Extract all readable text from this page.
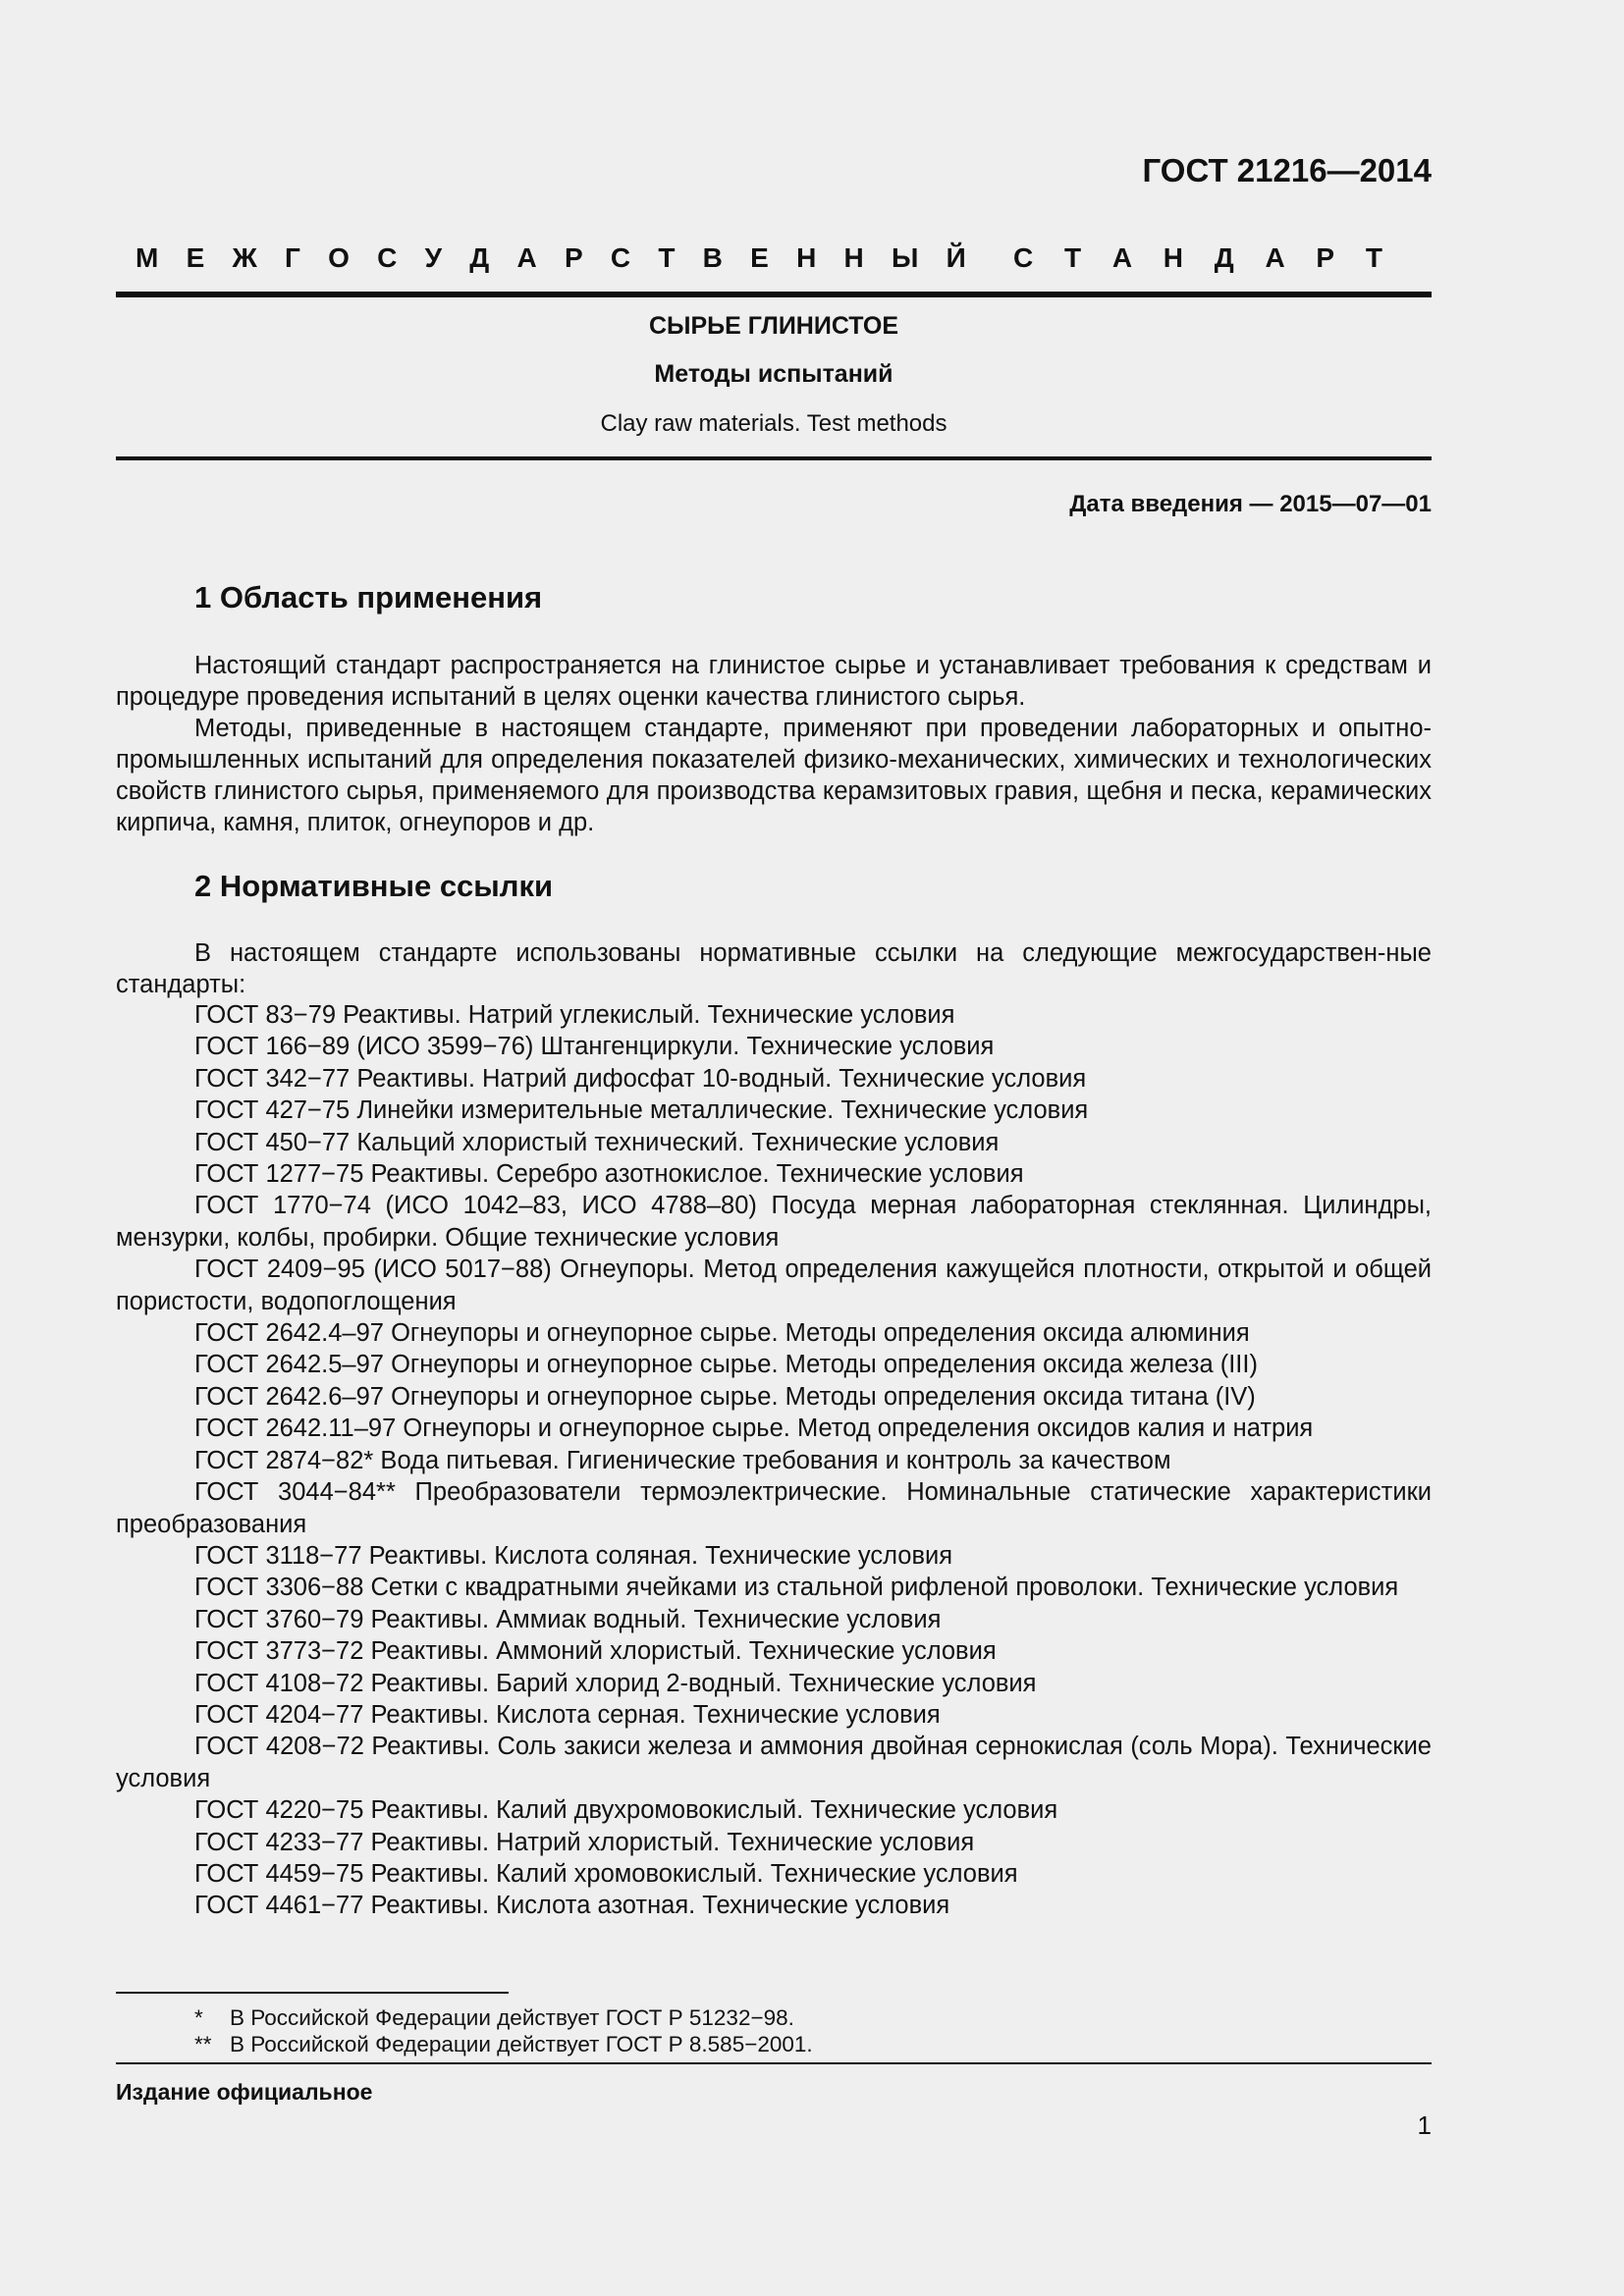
ГОСТ 21216—2014

М Е Ж Г О С У Д А Р С Т В Е Н Н Ы Й С Т А Н Д А Р Т

СЫРЬЕ ГЛИНИСТОЕ

Методы испытаний

Clay raw materials. Test methods

Дата введения — 2015—07—01
1 Область применения

Настоящий стандарт распространяется на глинистое сырье и устанавливает требования к средствам и процедуре проведения испытаний в целях оценки качества глинистого сырья.

Методы, приведенные в настоящем стандарте, применяют при проведении лабораторных и опытно-промышленных испытаний для определения показателей физико-механических, химических и технологических свойств глинистого сырья, применяемого для производства керамзитовых гравия, щебня и песка, керамических кирпича, камня, плиток, огнеупоров и др.

2 Нормативные ссылки

В настоящем стандарте использованы нормативные ссылки на следующие межгосударствен-ные стандарты:

ГОСТ 83−79 Реактивы. Натрий углекислый. Технические условия
ГОСТ 166−89 (ИСО 3599−76) Штангенциркули. Технические условия
ГОСТ 342−77 Реактивы. Натрий дифосфат 10-водный. Технические условия
ГОСТ 427−75 Линейки измерительные металлические. Технические условия
ГОСТ 450−77 Кальций хлористый технический. Технические условия
ГОСТ 1277−75 Реактивы. Серебро азотнокислое. Технические условия
ГОСТ 1770−74 (ИСО 1042–83, ИСО 4788–80) Посуда мерная лабораторная стеклянная. Цилиндры, мензурки, колбы, пробирки. Общие технические условия
ГОСТ 2409−95 (ИСО 5017−88) Огнеупоры. Метод определения кажущейся плотности, открытой и общей пористости, водопоглощения
ГОСТ 2642.4–97 Огнеупоры и огнеупорное сырье. Методы определения оксида алюминия
ГОСТ 2642.5–97 Огнеупоры и огнеупорное сырье. Методы определения оксида железа (III)
ГОСТ 2642.6–97 Огнеупоры и огнеупорное сырье. Методы определения оксида титана (IV)
ГОСТ 2642.11–97 Огнеупоры и огнеупорное сырье. Метод определения оксидов калия и натрия
ГОСТ 2874−82* Вода питьевая. Гигиенические требования и контроль за качеством
ГОСТ 3044−84** Преобразователи термоэлектрические. Номинальные статические характеристики преобразования
ГОСТ 3118−77 Реактивы. Кислота соляная. Технические условия
ГОСТ 3306−88 Сетки с квадратными ячейками из стальной рифленой проволоки. Технические условия
ГОСТ 3760−79 Реактивы. Аммиак водный. Технические условия
ГОСТ 3773−72 Реактивы. Аммоний хлористый. Технические условия
ГОСТ 4108−72 Реактивы. Барий хлорид 2-водный. Технические условия
ГОСТ 4204−77 Реактивы. Кислота серная. Технические условия
ГОСТ 4208−72 Реактивы. Соль закиси железа и аммония двойная сернокислая (соль Мора). Технические условия
ГОСТ 4220−75 Реактивы. Калий двухромовокислый. Технические условия
ГОСТ 4233−77 Реактивы. Натрий хлористый. Технические условия
ГОСТ 4459−75 Реактивы. Калий хромовокислый. Технические условия
ГОСТ 4461−77 Реактивы. Кислота азотная. Технические условия
* В Российской Федерации действует ГОСТ Р 51232−98.
** В Российской Федерации действует ГОСТ Р 8.585−2001.

Издание официальное

1
